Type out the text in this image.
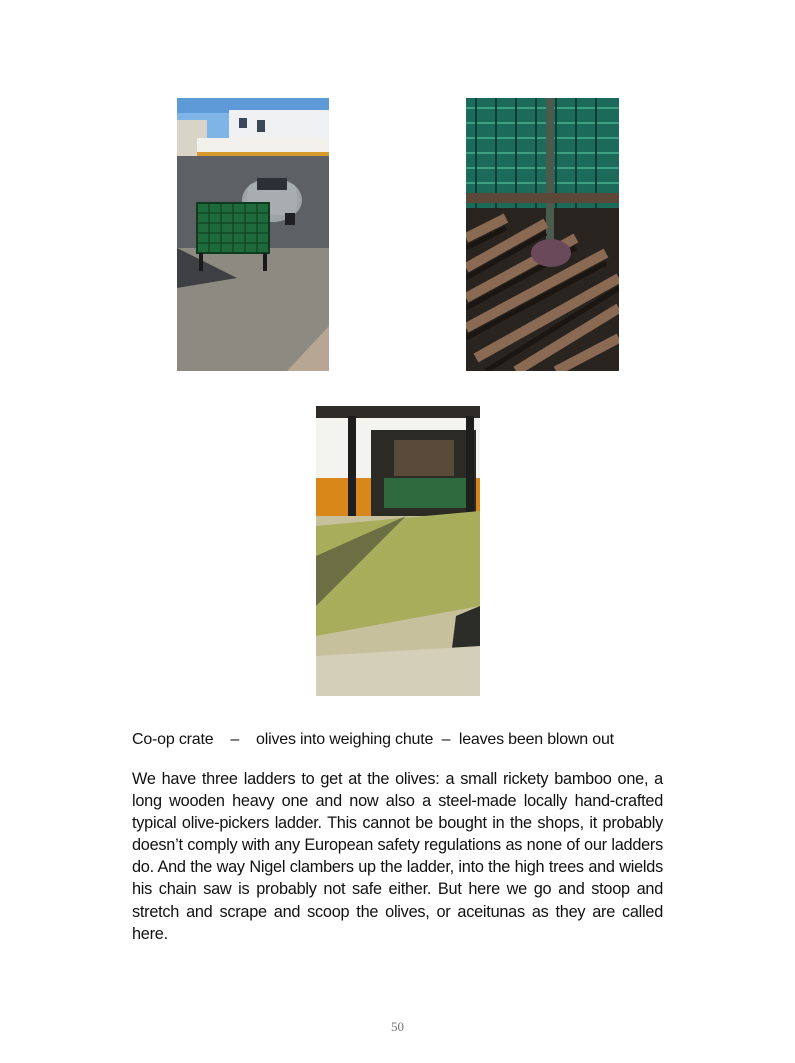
Co-op crate    –    olives into weighing chute  –  leaves been blown out

We have three ladders to get at the olives: a small rickety bamboo one, a long wooden heavy one and now also a steel-made locally hand-crafted typical olive-pickers ladder. This cannot be bought in the shops, it probably doesn’t comply with any European safety regulations as none of our ladders do. And the way Nigel clambers up the ladder, into the high trees and wields his chain saw is probably not safe either. But here we go and stoop and stretch and scrape and scoop the olives, or aceitunas as they are called here.

50
